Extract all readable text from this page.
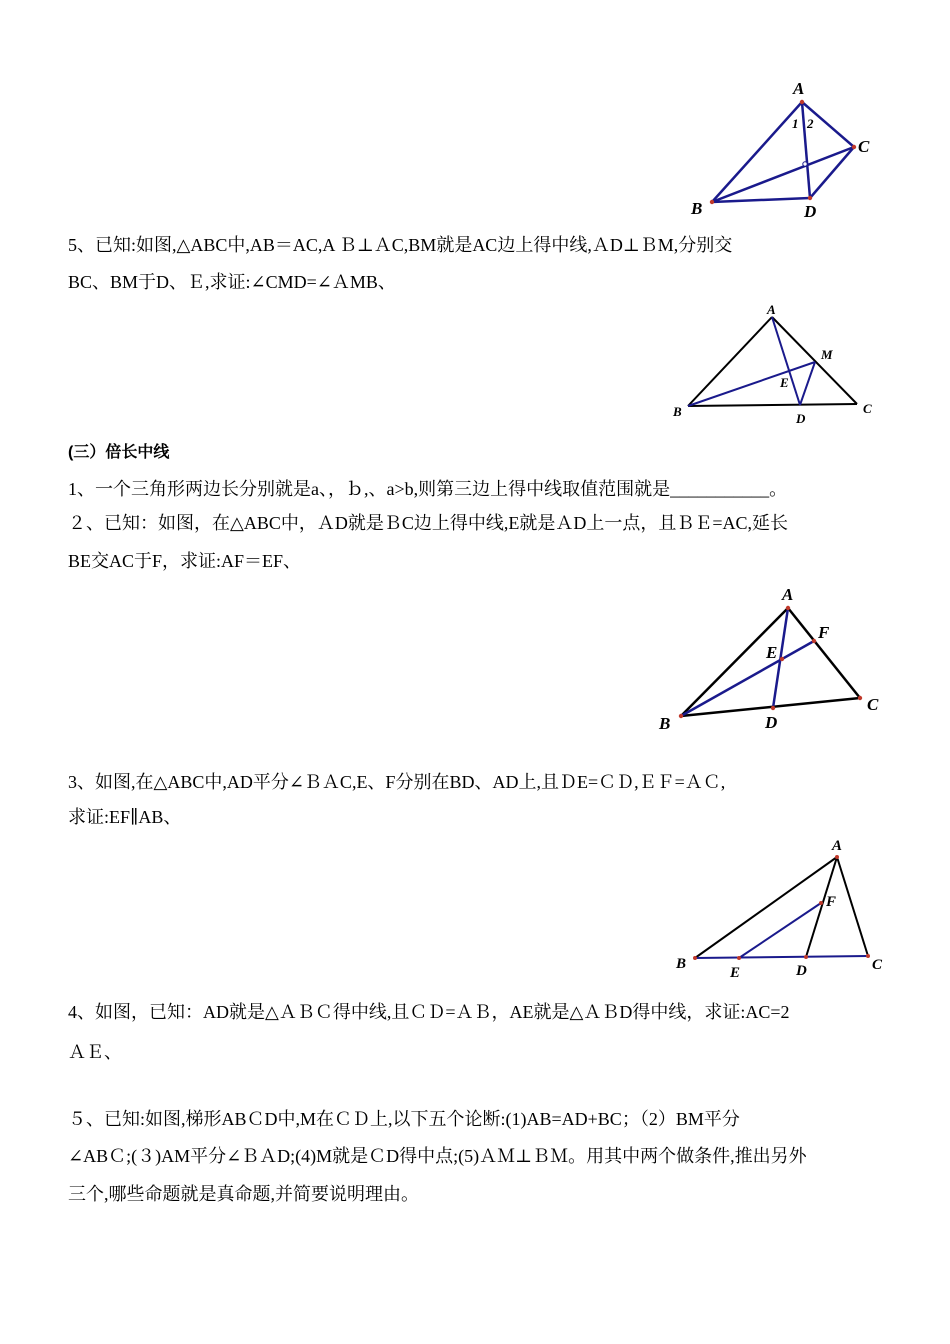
A
B
C
D
1 2
5、已知:如图,△ABC中,AB＝AC,A Ｂ⊥ＡC,BM就是AC边上得中线,ＡD⊥ＢM,分别交
BC、BM于D、Ｅ,求证:∠CMD=∠ＡMB、
A
B	C
D
E
M
(三）倍长中线
1、一个三角形两边长分别就是a、，ｂ,、a>b,则第三边上得中线取值范围就是___________。
２、已知：如图，在△ABC中，ＡD就是ＢC边上得中线,E就是ＡD上一点，且ＢＥ=AC,延长
BE交AC于F，求证:AF＝EF、
A
B
C
D
E
F
3、如图,在△ABC中,AD平分∠ＢＡC,E、F分别在BD、AD上,且ＤE=ＣＤ,ＥＦ=ＡＣ,
求证:EF∥AB、
A
B	C
D
E
F
4、如图，已知：AD就是△ＡＢＣ得中线,且ＣＤ=ＡＢ，AE就是△ＡＢD得中线，求证:AC=2
ＡＥ、
５、已知:如图,梯形ABＣD中,M在ＣＤ上,以下五个论断:(1)AB=AD+BC；（2）BM平分
∠ABＣ;(３)AM平分∠ＢＡD;(4)M就是ＣD得中点;(5)ＡＭ⊥ＢＭ。用其中两个做条件,推出另外
三个,哪些命题就是真命题,并简要说明理由。
